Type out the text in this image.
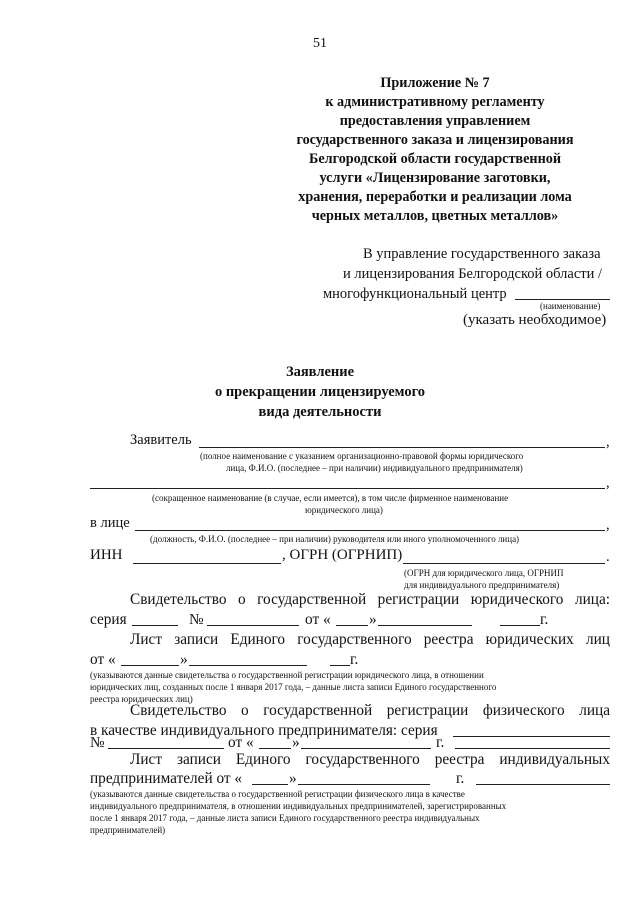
51
Приложение № 7
к административному регламенту
предоставления управлением
государственного заказа и лицензирования
Белгородской области государственной
услуги «Лицензирование заготовки,
хранения, переработки и реализации лома
черных металлов, цветных металлов»
В управление государственного заказа
и лицензирования Белгородской области /
многофункциональный центр
(наименование)
(указать необходимое)
Заявление
о прекращении лицензируемого
вида деятельности
Заявитель	,
(полное наименование с указанием организационно-правовой формы юридического
лица, Ф.И.О. (последнее – при наличии) индивидуального предпринимателя)
,
(сокращенное наименование (в случае, если имеется), в том числе фирменное наименование
юридического лица)
в лице	,
(должность, Ф.И.О. (последнее – при наличии) руководителя или иного уполномоченного лица)
ИНН	, ОГРН (ОГРНИП)	.
(ОГРН для юридического лица, ОГРНИП
для индивидуального предпринимателя)
Свидетельство о государственной регистрации юридического лица:
серия	№	от «	»	г.
Лист записи Единого государственного реестра юридических лиц
от «	»	г.
(указываются данные свидетельства о государственной регистрации юридического лица, в отношении
юридических лиц, созданных после 1 января 2017 года, – данные листа записи Единого государственного
реестра юридических лиц)
Свидетельство о государственной регистрации физического лица
в качестве индивидуального предпринимателя: серия
№	от «	»	г.
Лист записи Единого государственного реестра индивидуальных
предпринимателей от «	»	г.
(указываются данные свидетельства о государственной регистрации физического лица в качестве
индивидуального предпринимателя, в отношении индивидуальных предпринимателей, зарегистрированных
после 1 января 2017 года, – данные листа записи Единого государственного реестра индивидуальных
предпринимателей)
